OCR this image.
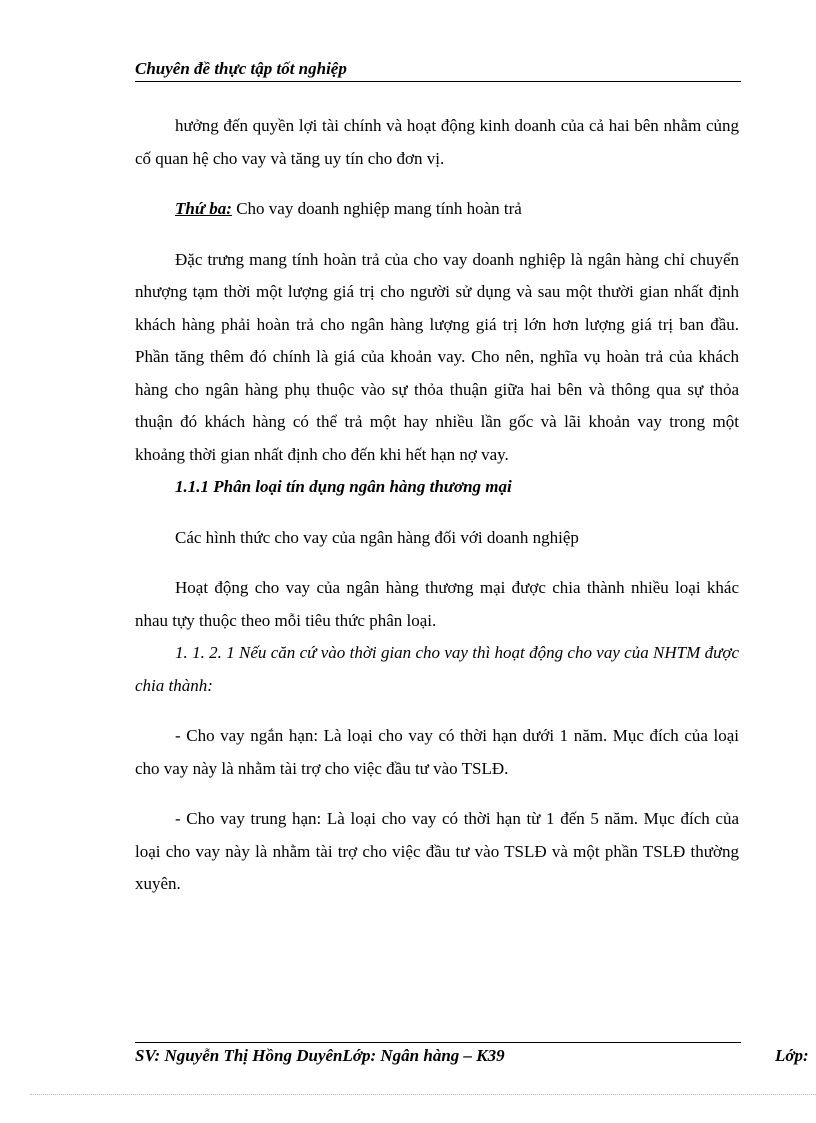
Chuyên đề thực tập tốt nghiệp

hưởng đến quyền lợi tài chính và hoạt động kinh doanh của cả hai bên nhằm củng cố quan hệ cho vay và tăng uy tín cho đơn vị.

Thứ ba: Cho vay doanh nghiệp mang tính hoàn trả

Đặc trưng mang tính hoàn trả của cho vay doanh nghiệp là ngân hàng chỉ chuyển nhượng tạm thời một lượng giá trị cho người sử dụng và sau một thười gian nhất định khách hàng phải hoàn trả cho ngân hàng lượng giá trị lớn hơn lượng giá trị ban đầu. Phần tăng thêm đó chính là giá của khoản vay. Cho nên, nghĩa vụ hoàn trả của khách hàng cho ngân hàng phụ thuộc vào sự thỏa thuận giữa hai bên và thông qua sự thỏa thuận đó khách hàng có thể trả một hay nhiều lần gốc và lãi khoản vay trong một khoảng thời gian nhất định cho đến khi hết hạn nợ vay.

1.1.1 Phân loại tín dụng ngân hàng thương mại

Các hình thức cho vay của ngân hàng đối với doanh nghiệp

Hoạt động cho vay của ngân hàng thương mại được chia thành nhiều loại khác nhau tựy thuộc theo mỗi tiêu thức phân loại.

1. 1. 2. 1 Nếu căn cứ vào thời gian cho vay thì hoạt động cho vay của NHTM được chia thành:

- Cho vay ngắn hạn: Là loại cho vay có thời hạn dưới 1 năm. Mục đích của loại cho vay này là nhằm tài trợ cho việc đầu tư vào TSLĐ.

- Cho vay trung hạn: Là loại cho vay có thời hạn từ 1 đến 5 năm. Mục đích của loại cho vay này là nhằm tài trợ cho việc đầu tư vào TSLĐ và một phần TSLĐ thường xuyên.

SV: Nguyễn Thị Hồng DuyênLớp: Ngân hàng – K39	Lớp:
